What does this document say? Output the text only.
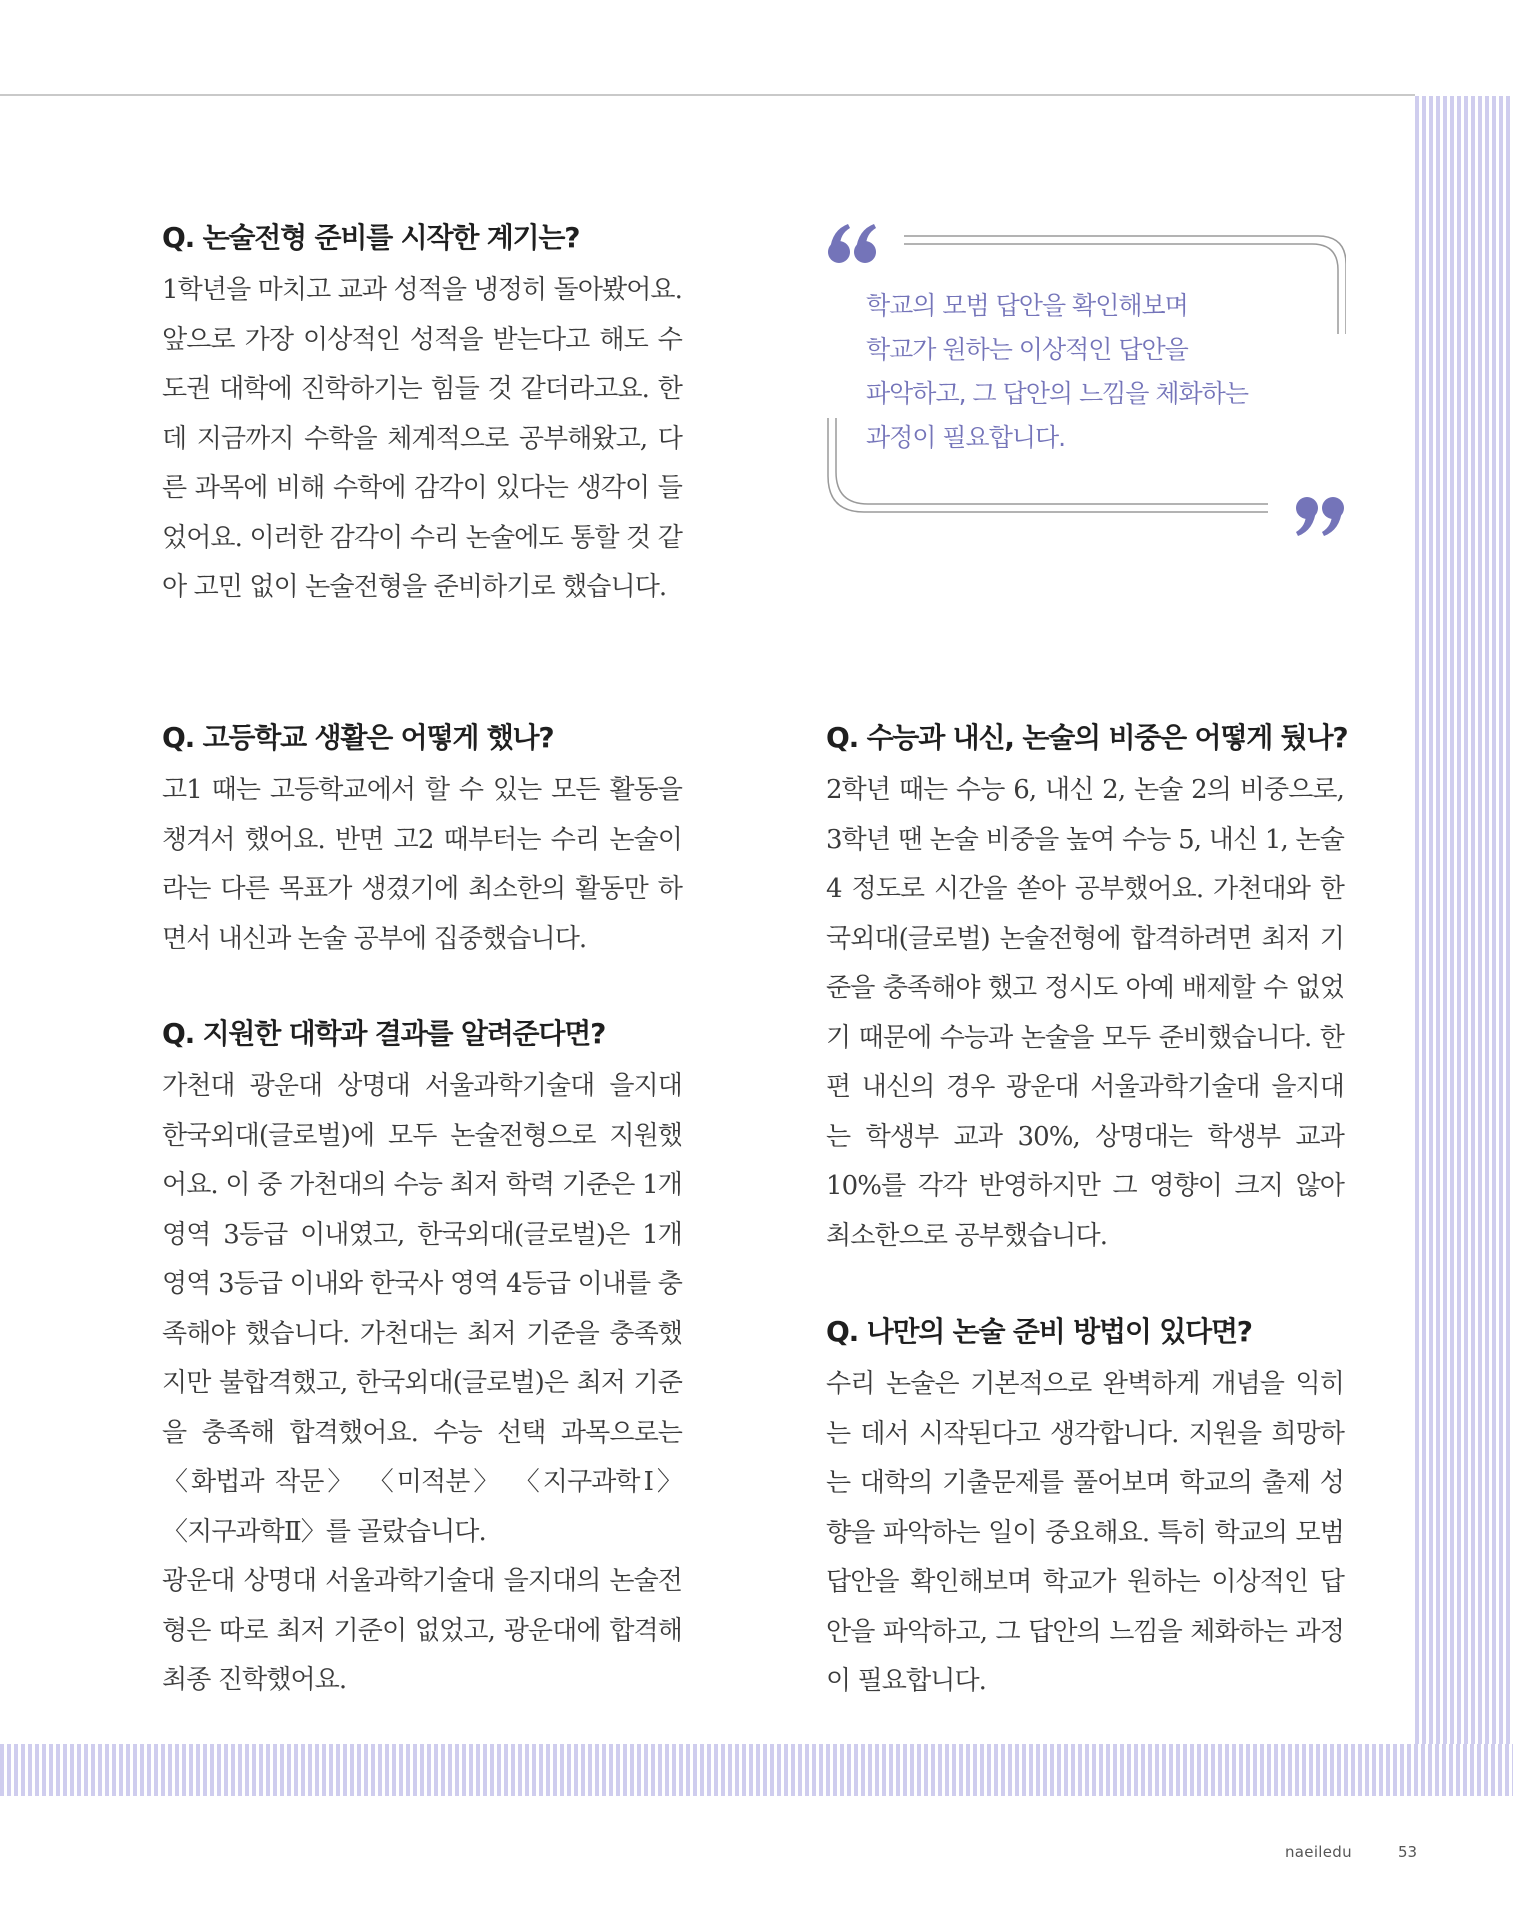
Q. 논술전형 준비를 시작한 계기는?

1학년을 마치고 교과 성적을 냉정히 돌아봤어요. 앞으로 가장 이상적인 성적을 받는다고 해도 수도권 대학에 진학하기는 힘들 것 같더라고요. 한데 지금까지 수학을 체계적으로 공부해왔고, 다른 과목에 비해 수학에 감각이 있다는 생각이 들었어요. 이러한 감각이 수리 논술에도 통할 것 같아 고민 없이 논술전형을 준비하기로 했습니다.

Q. 고등학교 생활은 어떻게 했나?

고1 때는 고등학교에서 할 수 있는 모든 활동을 챙겨서 했어요. 반면 고2 때부터는 수리 논술이라는 다른 목표가 생겼기에 최소한의 활동만 하면서 내신과 논술 공부에 집중했습니다.

Q. 지원한 대학과 결과를 알려준다면?

가천대 광운대 상명대 서울과학기술대 을지대 한국외대(글로벌)에 모두 논술전형으로 지원했어요. 이 중 가천대의 수능 최저 학력 기준은 1개 영역 3등급 이내였고, 한국외대(글로벌)은 1개 영역 3등급 이내와 한국사 영역 4등급 이내를 충족해야 했습니다. 가천대는 최저 기준을 충족했지만 불합격했고, 한국외대(글로벌)은 최저 기준을 충족해 합격했어요. 수능 선택 과목으로는 〈화법과 작문〉 〈미적분〉 〈지구과학Ⅰ〉 〈지구과학Ⅱ〉를 골랐습니다.

광운대 상명대 서울과학기술대 을지대의 논술전형은 따로 최저 기준이 없었고, 광운대에 합격해 최종 진학했어요.

학교의 모범 답안을 확인해보며
학교가 원하는 이상적인 답안을
파악하고, 그 답안의 느낌을 체화하는
과정이 필요합니다.
Q. 수능과 내신, 논술의 비중은 어떻게 뒀나?

2학년 때는 수능 6, 내신 2, 논술 2의 비중으로, 3학년 땐 논술 비중을 높여 수능 5, 내신 1, 논술 4 정도로 시간을 쏟아 공부했어요. 가천대와 한국외대(글로벌) 논술전형에 합격하려면 최저 기준을 충족해야 했고 정시도 아예 배제할 수 없었기 때문에 수능과 논술을 모두 준비했습니다. 한편 내신의 경우 광운대 서울과학기술대 을지대는 학생부 교과 30%, 상명대는 학생부 교과 10%를 각각 반영하지만 그 영향이 크지 않아 최소한으로 공부했습니다.

Q. 나만의 논술 준비 방법이 있다면?

수리 논술은 기본적으로 완벽하게 개념을 익히는 데서 시작된다고 생각합니다. 지원을 희망하는 대학의 기출문제를 풀어보며 학교의 출제 성향을 파악하는 일이 중요해요. 특히 학교의 모범 답안을 확인해보며 학교가 원하는 이상적인 답안을 파악하고, 그 답안의 느낌을 체화하는 과정이 필요합니다.

naeiledu	53
